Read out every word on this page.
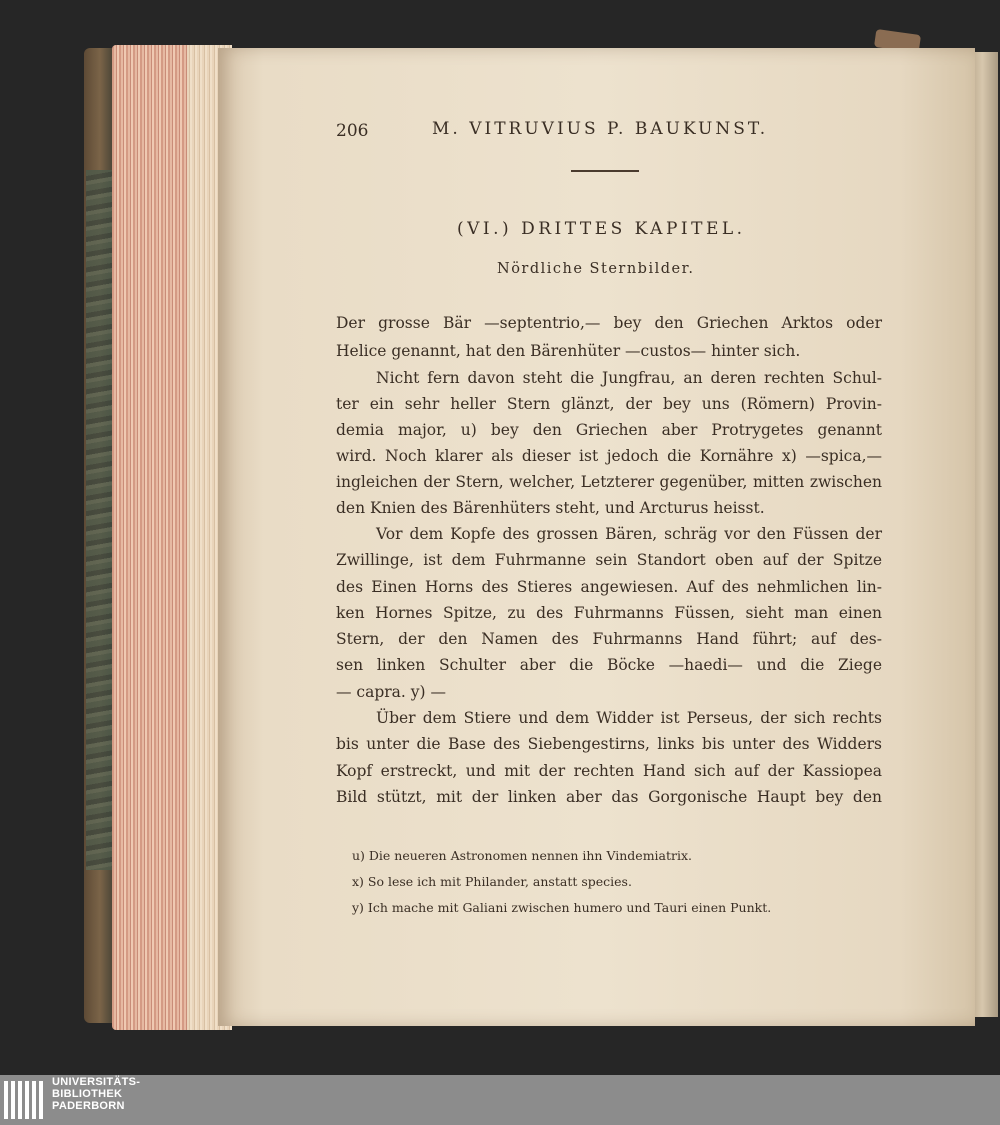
206	M. VITRUVIUS P. BAUKUNST.
(VI.) DRITTES KAPITEL.
Nördliche Sternbilder.
Der grosse Bär —septentrio,— bey den Griechen Arktos oder
Helice genannt, hat den Bärenhüter —custos— hinter sich.
Nicht fern davon steht die Jungfrau, an deren rechten Schul-
ter ein sehr heller Stern glänzt, der bey uns (Römern) Provin-
demia major, u) bey den Griechen aber Protrygetes genannt
wird. Noch klarer als dieser ist jedoch die Kornähre x) —spica,—
ingleichen der Stern, welcher, Letzterer gegenüber, mitten zwischen
den Knien des Bärenhüters steht, und Arcturus heisst.
Vor dem Kopfe des grossen Bären, schräg vor den Füssen der
Zwillinge, ist dem Fuhrmanne sein Standort oben auf der Spitze
des Einen Horns des Stieres angewiesen. Auf des nehmlichen lin-
ken Hornes Spitze, zu des Fuhrmanns Füssen, sieht man einen
Stern, der den Namen des Fuhrmanns Hand führt; auf des-
sen linken Schulter aber die Böcke —haedi— und die Ziege
— capra. y) —
Über dem Stiere und dem Widder ist Perseus, der sich rechts
bis unter die Base des Siebengestirns, links bis unter des Widders
Kopf erstreckt, und mit der rechten Hand sich auf der Kassiopea
Bild stützt, mit der linken aber das Gorgonische Haupt bey den
u) Die neueren Astronomen nennen ihn Vindemiatrix.
x) So lese ich mit Philander, anstatt species.
y) Ich mache mit Galiani zwischen humero und Tauri einen Punkt.
UNIVERSITÄTS-
BIBLIOTHEK
PADERBORN
